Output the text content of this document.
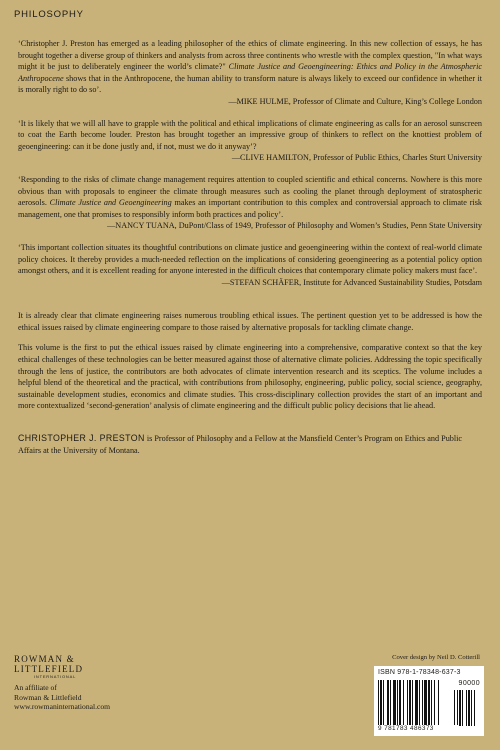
PHILOSOPHY

‘Christopher J. Preston has emerged as a leading philosopher of the ethics of climate engineering. In this new collection of essays, he has brought together a diverse group of thinkers and analysts from across three continents who wrestle with the complex question, "In what ways might it be just to deliberately engineer the world’s climate?" Climate Justice and Geoengineering: Ethics and Policy in the Atmospheric Anthropocene shows that in the Anthropocene, the human ability to transform nature is always likely to exceed our confidence in whether it is morally right to do so’.
—MIKE HULME, Professor of Climate and Culture, King’s College London

‘It is likely that we will all have to grapple with the political and ethical implications of climate engineering as calls for an aerosol sunscreen to coat the Earth become louder. Preston has brought together an impressive group of thinkers to reflect on the knottiest problem of geoengineering: can it be done justly and, if not, must we do it anyway’?
—CLIVE HAMILTON, Professor of Public Ethics, Charles Sturt University

‘Responding to the risks of climate change management requires attention to coupled scientific and ethical concerns. Nowhere is this more obvious than with proposals to engineer the climate through measures such as cooling the planet through deployment of stratospheric aerosols. Climate Justice and Geoengineering makes an important contribution to this complex and controversial approach to climate risk management, one that promises to responsibly inform both practices and policy’.
—NANCY TUANA, DuPont/Class of 1949, Professor of Philosophy and Women’s Studies, Penn State University

‘This important collection situates its thoughtful contributions on climate justice and geoengineering within the context of real-world climate policy choices. It thereby provides a much-needed reflection on the implications of considering geoengineering as a potential policy option amongst others, and it is excellent reading for anyone interested in the difficult choices that contemporary climate policy makers must face’.
—STEFAN SCHÄFER, Institute for Advanced Sustainability Studies, Potsdam

It is already clear that climate engineering raises numerous troubling ethical issues. The pertinent question yet to be addressed is how the ethical issues raised by climate engineering compare to those raised by alternative proposals for tackling climate change.

This volume is the first to put the ethical issues raised by climate engineering into a comprehensive, comparative context so that the key ethical challenges of these technologies can be better measured against those of alternative climate policies. Addressing the topic specifically through the lens of justice, the contributors are both advocates of climate intervention research and its sceptics. The volume includes a helpful blend of the theoretical and the practical, with contributions from philosophy, engineering, public policy, social science, geography, sustainable development studies, economics and climate studies. This cross-disciplinary collection provides the start of an important and more contextualized ‘second-generation’ analysis of climate engineering and the difficult public policy decisions that lie ahead.

CHRISTOPHER J. PRESTON is Professor of Philosophy and a Fellow at the Mansfield Center’s Program on Ethics and Public Affairs at the University of Montana.

ROWMAN &
LITTLEFIELD
INTERNATIONAL
An affiliate of
Rowman & Littlefield
www.rowmaninternational.com
Cover design by Neil D. Cotterill
ISBN 978-1-78348-637-3
90000
9 781783 486373
